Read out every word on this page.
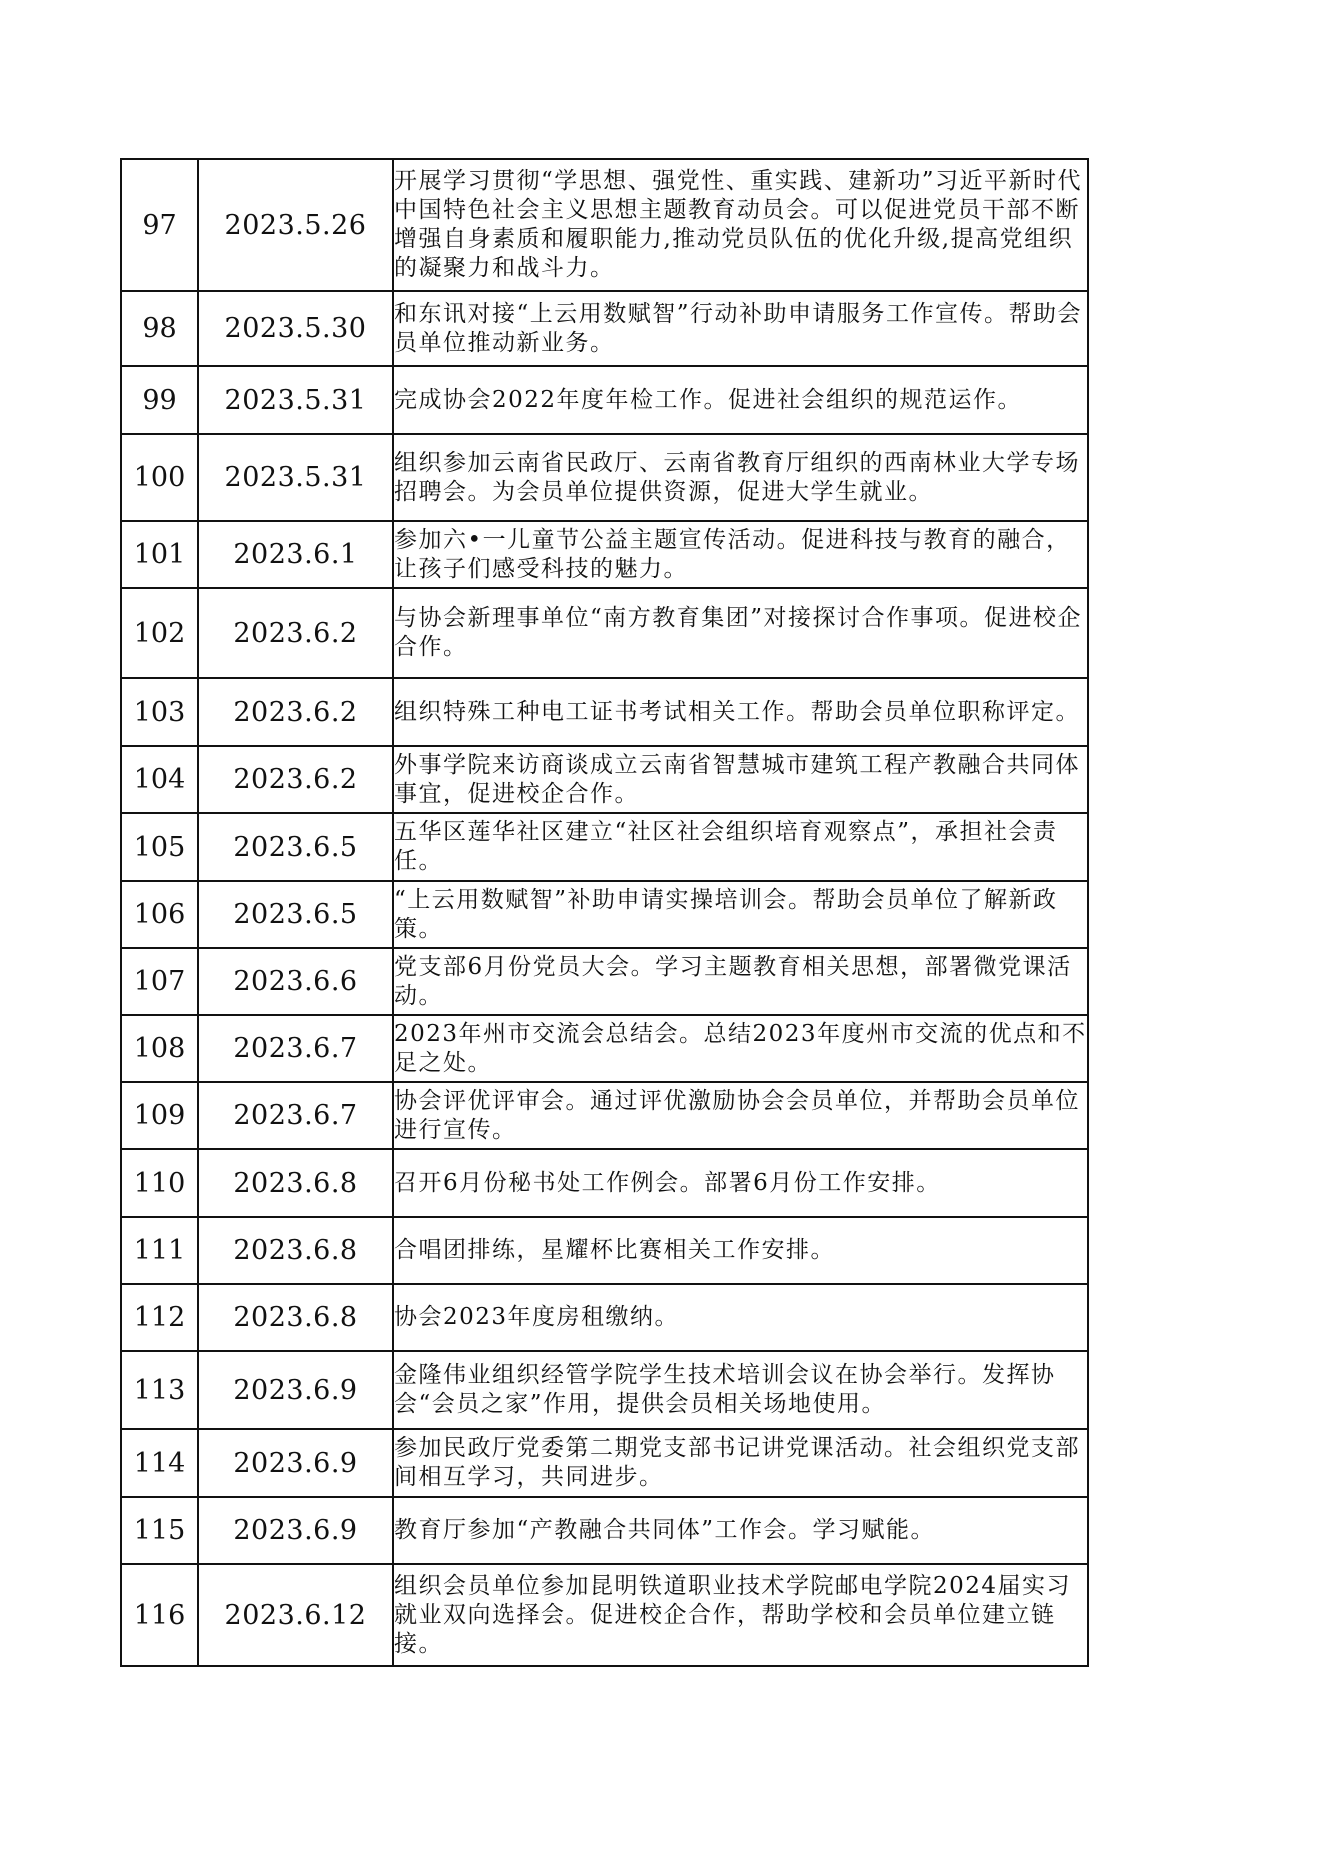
97	2023.5.26	开展学习贯彻“学思想、强党性、重实践、建新功”习近平新时代中国特色社会主义思想主题教育动员会。可以促进党员干部不断增强自身素质和履职能力,推动党员队伍的优化升级,提高党组织的凝聚力和战斗力。
98	2023.5.30	和东讯对接“上云用数赋智”行动补助申请服务工作宣传。帮助会员单位推动新业务。
99	2023.5.31	完成协会2022年度年检工作。促进社会组织的规范运作。
100	2023.5.31	组织参加云南省民政厅、云南省教育厅组织的西南林业大学专场招聘会。为会员单位提供资源，促进大学生就业。
101	2023.6.1	参加六•一儿童节公益主题宣传活动。促进科技与教育的融合，让孩子们感受科技的魅力。
102	2023.6.2	与协会新理事单位“南方教育集团”对接探讨合作事项。促进校企合作。
103	2023.6.2	组织特殊工种电工证书考试相关工作。帮助会员单位职称评定。
104	2023.6.2	外事学院来访商谈成立云南省智慧城市建筑工程产教融合共同体事宜，促进校企合作。
105	2023.6.5	五华区莲华社区建立“社区社会组织培育观察点”，承担社会责任。
106	2023.6.5	“上云用数赋智”补助申请实操培训会。帮助会员单位了解新政策。
107	2023.6.6	党支部6月份党员大会。学习主题教育相关思想，部署微党课活动。
108	2023.6.7	2023年州市交流会总结会。总结2023年度州市交流的优点和不足之处。
109	2023.6.7	协会评优评审会。通过评优激励协会会员单位，并帮助会员单位进行宣传。
110	2023.6.8	召开6月份秘书处工作例会。部署6月份工作安排。
111	2023.6.8	合唱团排练，星耀杯比赛相关工作安排。
112	2023.6.8	协会2023年度房租缴纳。
113	2023.6.9	金隆伟业组织经管学院学生技术培训会议在协会举行。发挥协会“会员之家”作用，提供会员相关场地使用。
114	2023.6.9	参加民政厅党委第二期党支部书记讲党课活动。社会组织党支部间相互学习，共同进步。
115	2023.6.9	教育厅参加“产教融合共同体”工作会。学习赋能。
116	2023.6.12	组织会员单位参加昆明铁道职业技术学院邮电学院2024届实习就业双向选择会。促进校企合作，帮助学校和会员单位建立链接。
